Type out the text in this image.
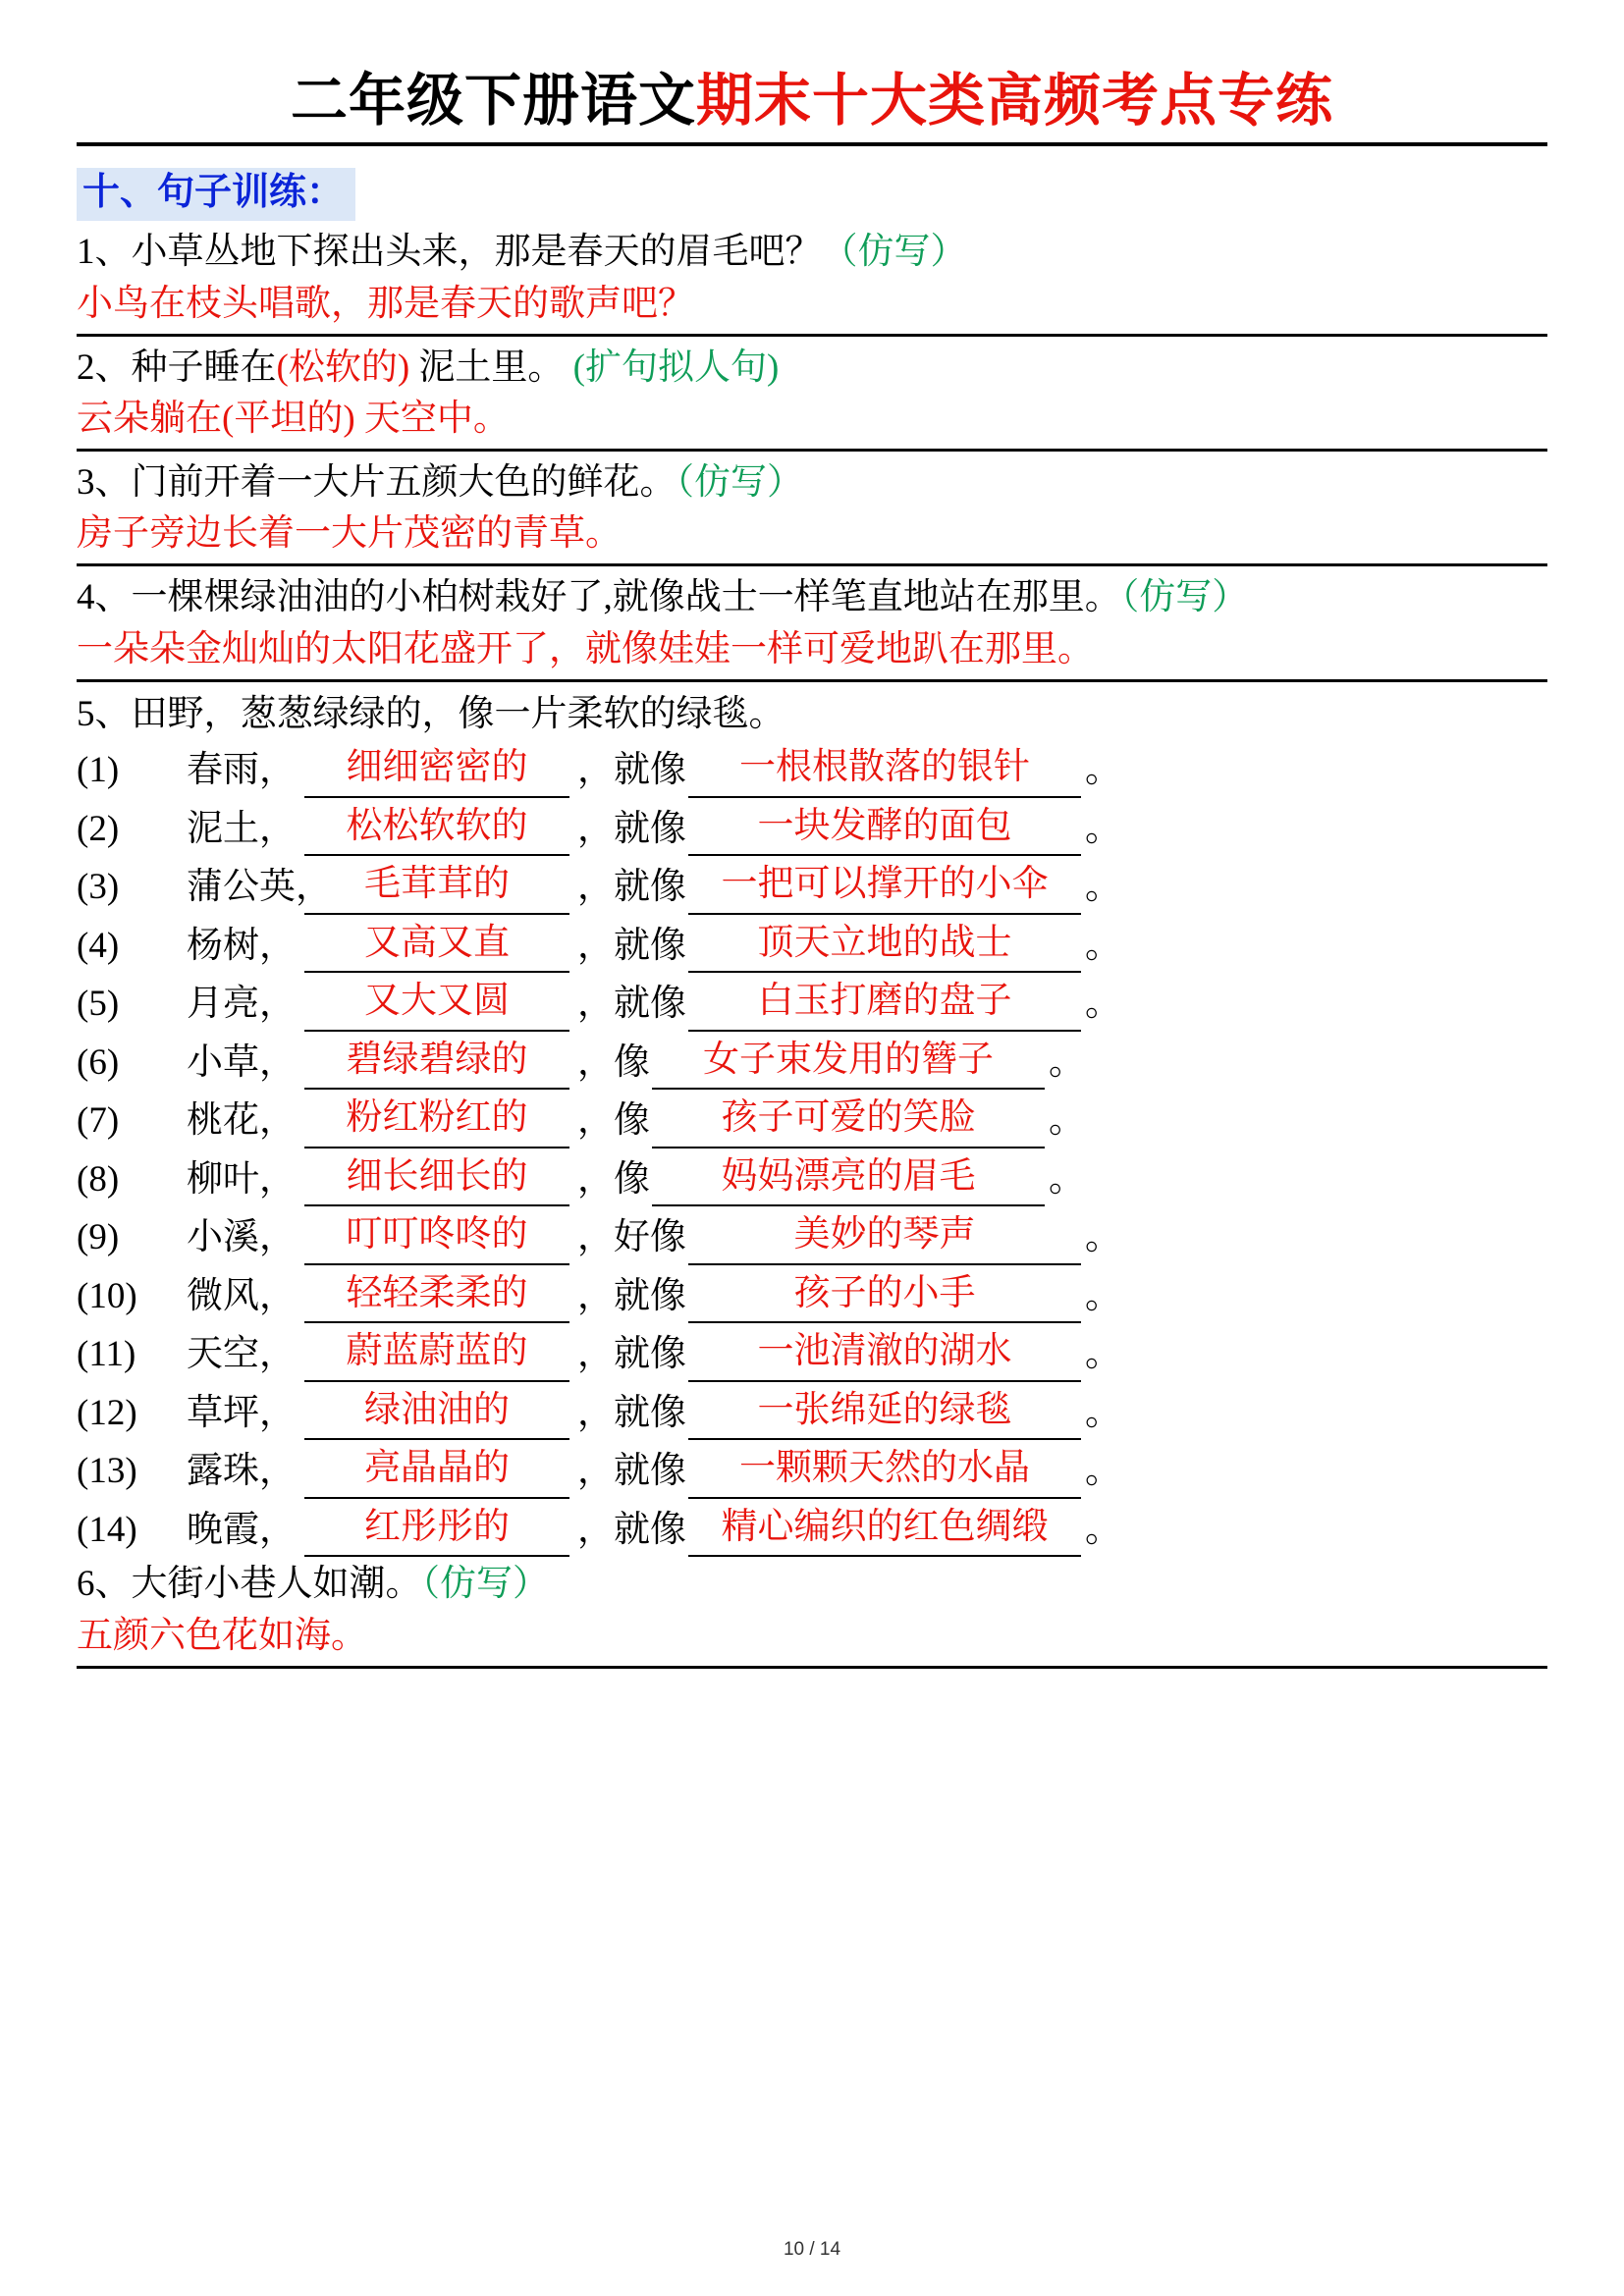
二年级下册语文期末十大类高频考点专练
十、句子训练：
1、小草丛地下探出头来，那是春天的眉毛吧？（仿写）
小鸟在枝头唱歌，那是春天的歌声吧？
2、种子睡在(松软的) 泥土里。 (扩句拟人句)
云朵躺在(平坦的) 天空中。
3、门前开着一大片五颜大色的鲜花。（仿写）
房子旁边长着一大片茂密的青草。
4、一棵棵绿油油的小柏树栽好了,就像战士一样笔直地站在那里。（仿写）
一朵朵金灿灿的太阳花盛开了，就像娃娃一样可爱地趴在那里。
5、田野，葱葱绿绿的，像一片柔软的绿毯。
(1)	春雨，	细细密密的	，就像	一根根散落的银针	。
(2)	泥土，	松松软软的	，就像	一块发酵的面包	。
(3)	蒲公英， 毛茸茸的	，就像 一把可以撑开的小伞	。
(4)	杨树，	又高又直	，就像	顶天立地的战士	。
(5)	月亮，	又大又圆	，就像	白玉打磨的盘子	。
(6)	小草，	碧绿碧绿的	，像	女子束发用的簪子	。
(7)	桃花，	粉红粉红的	，像	孩子可爱的笑脸	。
(8)	柳叶，	细长细长的	，像	妈妈漂亮的眉毛	。
(9)	小溪，	叮叮咚咚的	，好像	美妙的琴声	。
(10)	微风，	轻轻柔柔的	，就像	孩子的小手	。
(11)	天空，	蔚蓝蔚蓝的	，就像	一池清澈的湖水	。
(12)	草坪，	绿油油的	，就像	一张绵延的绿毯	。
(13)	露珠，	亮晶晶的	，就像	一颗颗天然的水晶	。
(14)	晚霞，	红彤彤的	，就像 精心编织的红色绸缎	。
6、大街小巷人如潮。（仿写）
五颜六色花如海。
10 / 14
